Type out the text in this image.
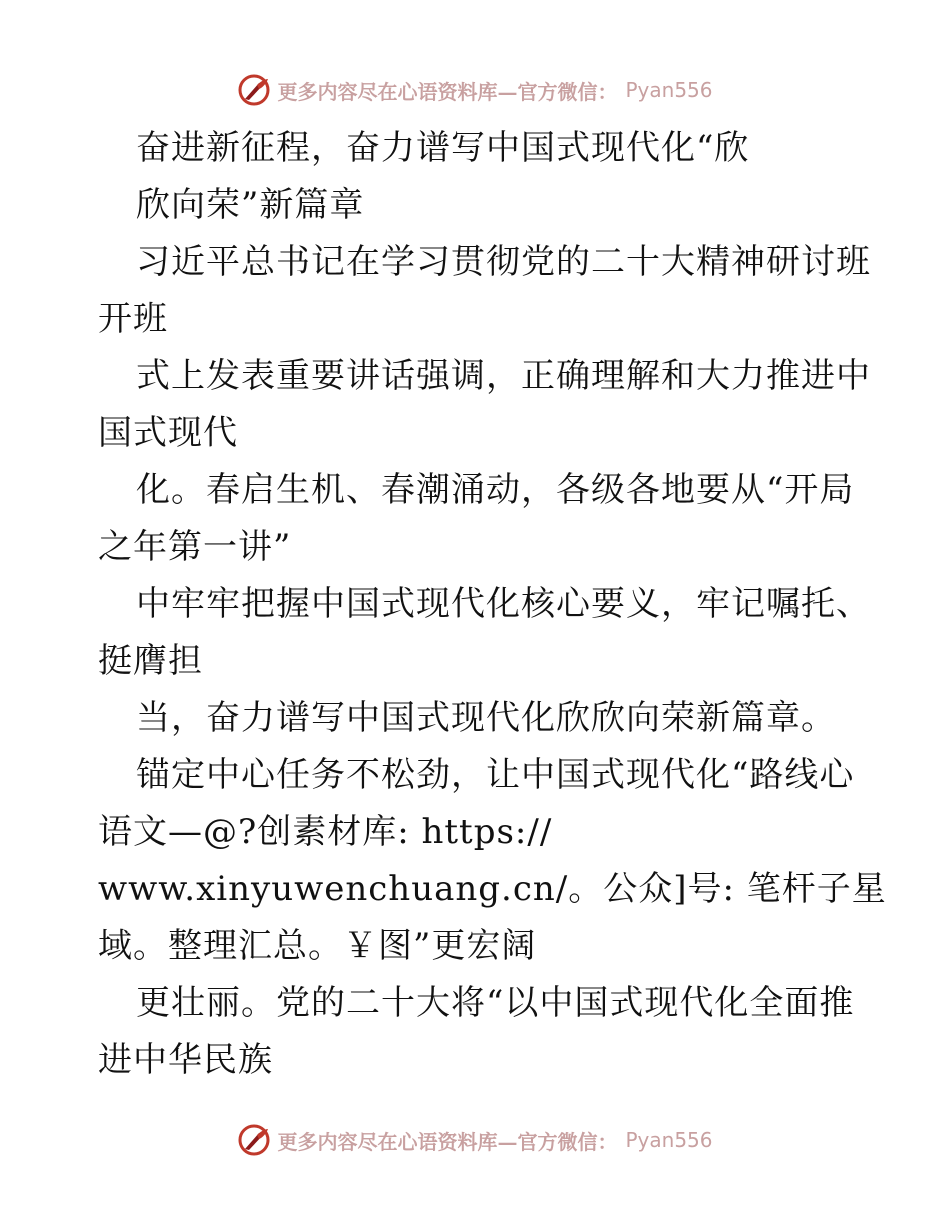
更多内容尽在心语资料库—官方微信： Pyan556
奋进新征程，奋力谱写中国式现代化“欣
欣向荣”新篇章
习近平总书记在学习贯彻党的二十大精神研讨班
开班
式上发表重要讲话强调，正确理解和大力推进中
国式现代
化。春启生机、春潮涌动，各级各地要从“开局
之年第一讲”
中牢牢把握中国式现代化核心要义，牢记嘱托、
挺膺担
当，奋力谱写中国式现代化欣欣向荣新篇章。
锚定中心任务不松劲，让中国式现代化“路线心
语文—@?创素材库: https://
www.xinyuwenchuang.cn/。公众]号: 笔杆子星
域。整理汇总。￥图”更宏阔
更壮丽。党的二十大将“以中国式现代化全面推
进中华民族
更多内容尽在心语资料库—官方微信： Pyan556
